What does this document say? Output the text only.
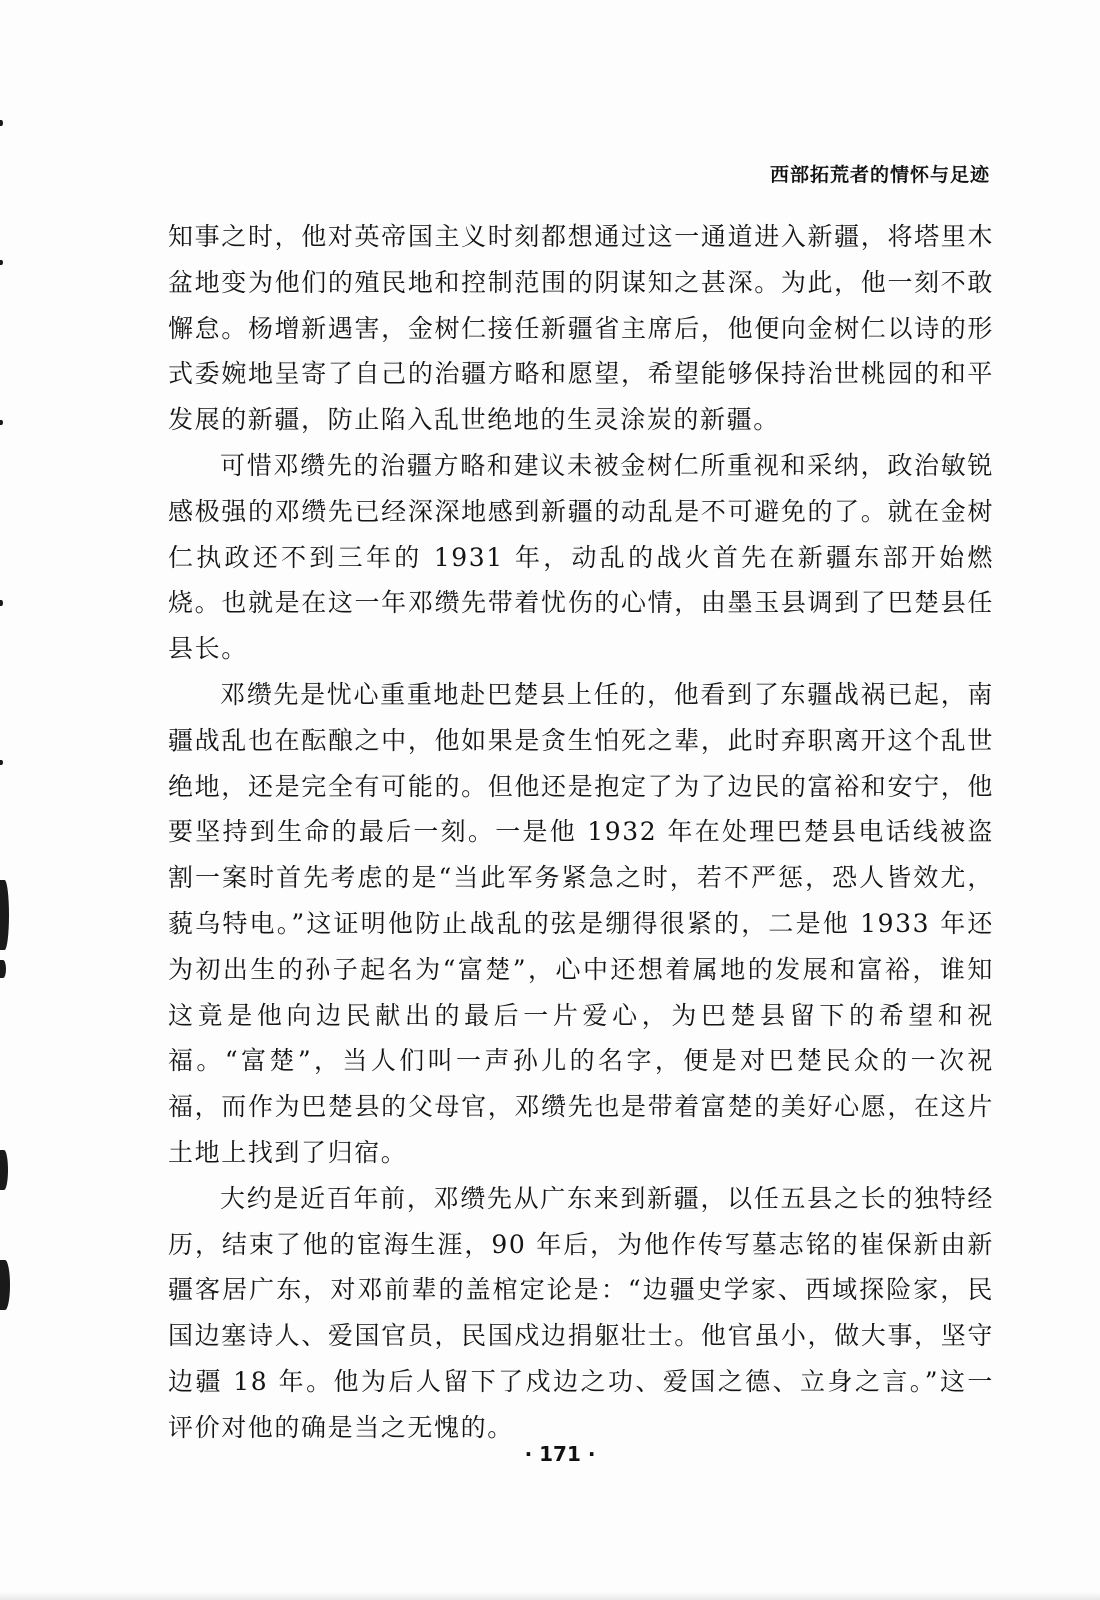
西部拓荒者的情怀与足迹

知事之时，他对英帝国主义时刻都想通过这一通道进入新疆，将塔里木盆地变为他们的殖民地和控制范围的阴谋知之甚深。为此，他一刻不敢懈怠。杨增新遇害，金树仁接任新疆省主席后，他便向金树仁以诗的形式委婉地呈寄了自己的治疆方略和愿望，希望能够保持治世桃园的和平发展的新疆，防止陷入乱世绝地的生灵涂炭的新疆。

可惜邓缵先的治疆方略和建议未被金树仁所重视和采纳，政治敏锐感极强的邓缵先已经深深地感到新疆的动乱是不可避免的了。就在金树仁执政还不到三年的 1931 年，动乱的战火首先在新疆东部开始燃烧。也就是在这一年邓缵先带着忧伤的心情，由墨玉县调到了巴楚县任县长。

邓缵先是忧心重重地赴巴楚县上任的，他看到了东疆战祸已起，南疆战乱也在酝酿之中，他如果是贪生怕死之辈，此时弃职离开这个乱世绝地，还是完全有可能的。但他还是抱定了为了边民的富裕和安宁，他要坚持到生命的最后一刻。一是他 1932 年在处理巴楚县电话线被盗割一案时首先考虑的是“当此军务紧急之时，若不严惩，恐人皆效尤，藐乌特电。”这证明他防止战乱的弦是绷得很紧的，二是他 1933 年还为初出生的孙子起名为“富楚”，心中还想着属地的发展和富裕，谁知这竟是他向边民献出的最后一片爱心，为巴楚县留下的希望和祝福。“富楚”，当人们叫一声孙儿的名字，便是对巴楚民众的一次祝福，而作为巴楚县的父母官，邓缵先也是带着富楚的美好心愿，在这片土地上找到了归宿。

大约是近百年前，邓缵先从广东来到新疆，以任五县之长的独特经历，结束了他的宦海生涯，90 年后，为他作传写墓志铭的崔保新由新疆客居广东，对邓前辈的盖棺定论是：“边疆史学家、西域探险家，民国边塞诗人、爱国官员，民国戍边捐躯壮士。他官虽小，做大事，坚守边疆 18 年。他为后人留下了戍边之功、爱国之德、立身之言。”这一评价对他的确是当之无愧的。

· 171 ·
